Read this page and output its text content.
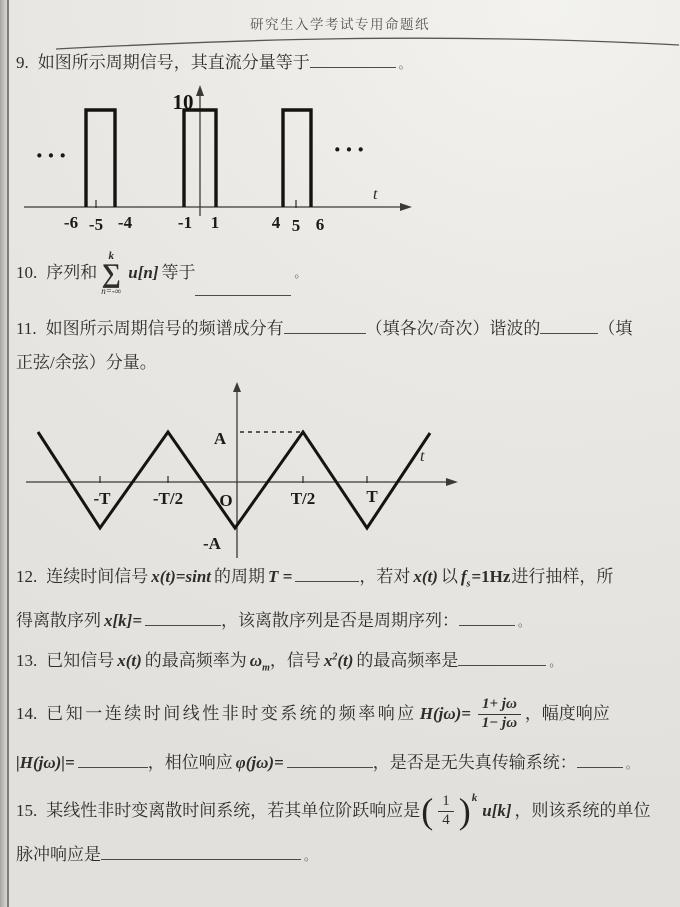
研究生入学考试专用命题纸
9. 如图所示周期信号，其直流分量等于	。
10
-6 -5 -4	-1 1	4 5 6
t
···	···
10. 序列和
k
∑
n=-∞
u[n] 等于	。
11. 如图所示周期信号的频谱成分有	（填各次/奇次）谐波的	（填
正弦/余弦）分量。
-T -T/2 O	T/2	T
A
-A
t
12. 连续时间信号 x(t)=sint 的周期 T =	，若对 x(t) 以 $f_s=1Hz$进行抽样，所
得离散序列 x[k]=	，该离散序列是否是周期序列：	。
13. 已知信号 x(t) 的最高频率为 $\omega_m$，信号 $x^2(t)$ 的最高频率是	。
14. 已知一连续时间线性非时变系统的频率响应 $H(j\omega)= \frac{1+ j\omega}{1- j\omega}$ ，幅度响应
|H(jω)|=	，相位响应 φ(jω)=	，是否是无失真传输系统：	。
15. 某线性非时变离散时间系统，若其单位阶跃响应是 ( $\frac{1}{4}$ ) k
u[k] ，则该系统的单位
脉冲响应是	。
